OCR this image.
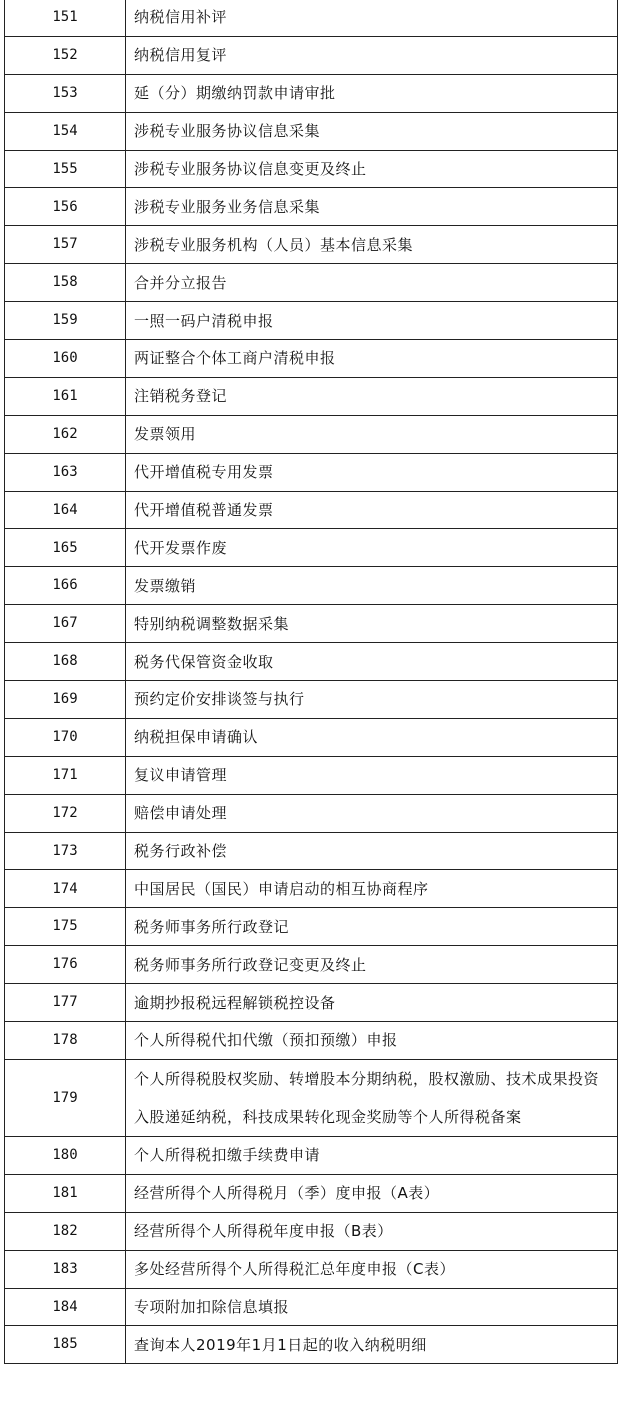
151	纳税信用补评
152	纳税信用复评
153	延（分）期缴纳罚款申请审批
154	涉税专业服务协议信息采集
155	涉税专业服务协议信息变更及终止
156	涉税专业服务业务信息采集
157	涉税专业服务机构（人员）基本信息采集
158	合并分立报告
159	一照一码户清税申报
160	两证整合个体工商户清税申报
161	注销税务登记
162	发票领用
163	代开增值税专用发票
164	代开增值税普通发票
165	代开发票作废
166	发票缴销
167	特别纳税调整数据采集
168	税务代保管资金收取
169	预约定价安排谈签与执行
170	纳税担保申请确认
171	复议申请管理
172	赔偿申请处理
173	税务行政补偿
174	中国居民（国民）申请启动的相互协商程序
175	税务师事务所行政登记
176	税务师事务所行政登记变更及终止
177	逾期抄报税远程解锁税控设备
178	个人所得税代扣代缴（预扣预缴）申报
179	个人所得税股权奖励、转增股本分期纳税，股权激励、技术成果投资入股递延纳税，科技成果转化现金奖励等个人所得税备案
180	个人所得税扣缴手续费申请
181	经营所得个人所得税月（季）度申报（A表）
182	经营所得个人所得税年度申报（B表）
183	多处经营所得个人所得税汇总年度申报（C表）
184	专项附加扣除信息填报
185	查询本人2019年1月1日起的收入纳税明细
